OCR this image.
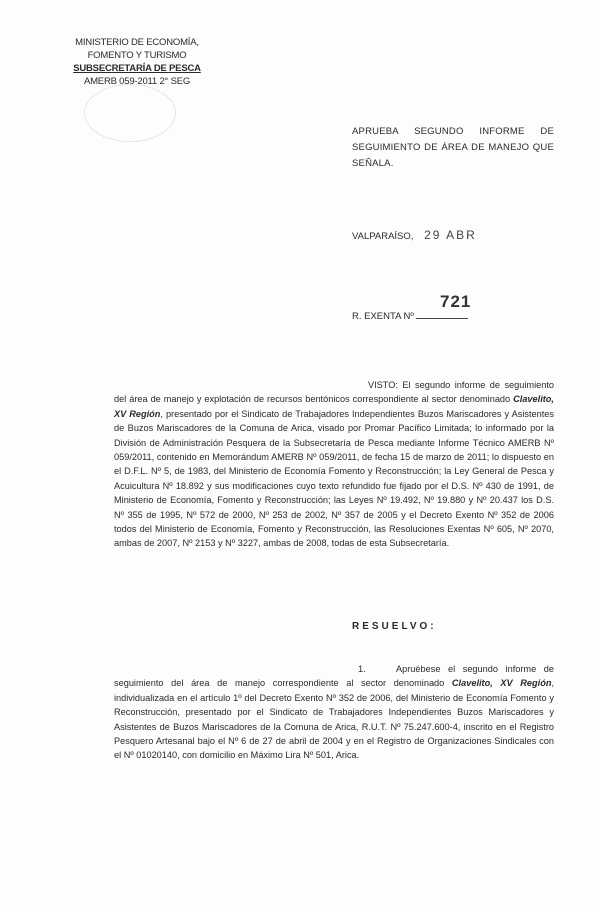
MINISTERIO DE ECONOMÍA,
FOMENTO Y TURISMO
SUBSECRETARÍA DE PESCA
AMERB 059-2011 2° SEG
APRUEBA SEGUNDO INFORME DE SEGUIMIENTO DE ÁREA DE MANEJO QUE SEÑALA.
VALPARAÍSO, 29 ABR
721
R. EXENTA Nº
VISTO: El segundo informe de seguimiento del área de manejo y explotación de recursos bentónicos correspondiente al sector denominado Clavelito, XV Región, presentado por el Sindicato de Trabajadores Independientes Buzos Mariscadores y Asistentes de Buzos Mariscadores de la Comuna de Arica, visado por Promar Pacífico Limitada; lo informado por la División de Administración Pesquera de la Subsecretaría de Pesca mediante Informe Técnico AMERB Nº 059/2011, contenido en Memorándum AMERB Nº 059/2011, de fecha 15 de marzo de 2011; lo dispuesto en el D.F.L. Nº 5, de 1983, del Ministerio de Economía Fomento y Reconstrucción; la Ley General de Pesca y Acuicultura Nº 18.892 y sus modificaciones cuyo texto refundido fue fijado por el D.S. Nº 430 de 1991, de Ministerio de Economía, Fomento y Reconstrucción; las Leyes Nº 19.492, Nº 19.880 y Nº 20.437 los D.S. Nº 355 de 1995, Nº 572 de 2000, Nº 253 de 2002, Nº 357 de 2005 y el Decreto Exento Nº 352 de 2006 todos del Ministerio de Economía, Fomento y Reconstrucción, las Resoluciones Exentas Nº 605, Nº 2070, ambas de 2007, Nº 2153 y Nº 3227, ambas de 2008, todas de esta Subsecretaría.
RESUELVO:
1.	Apruébese el segundo informe de seguimiento del área de manejo correspondiente al sector denominado Clavelito, XV Región, individualizada en el artículo 1º del Decreto Exento Nº 352 de 2006, del Ministerio de Economía Fomento y Reconstrucción, presentado por el Sindicato de Trabajadores Independientes Buzos Mariscadores y Asistentes de Buzos Mariscadores de la Comuna de Arica, R.U.T. Nº 75.247.600-4, inscrito en el Registro Pesquero Artesanal bajo el Nº 6 de 27 de abril de 2004 y en el Registro de Organizaciones Sindicales con el Nº 01020140, con domicilio en Máximo Lira Nº 501, Arica.
